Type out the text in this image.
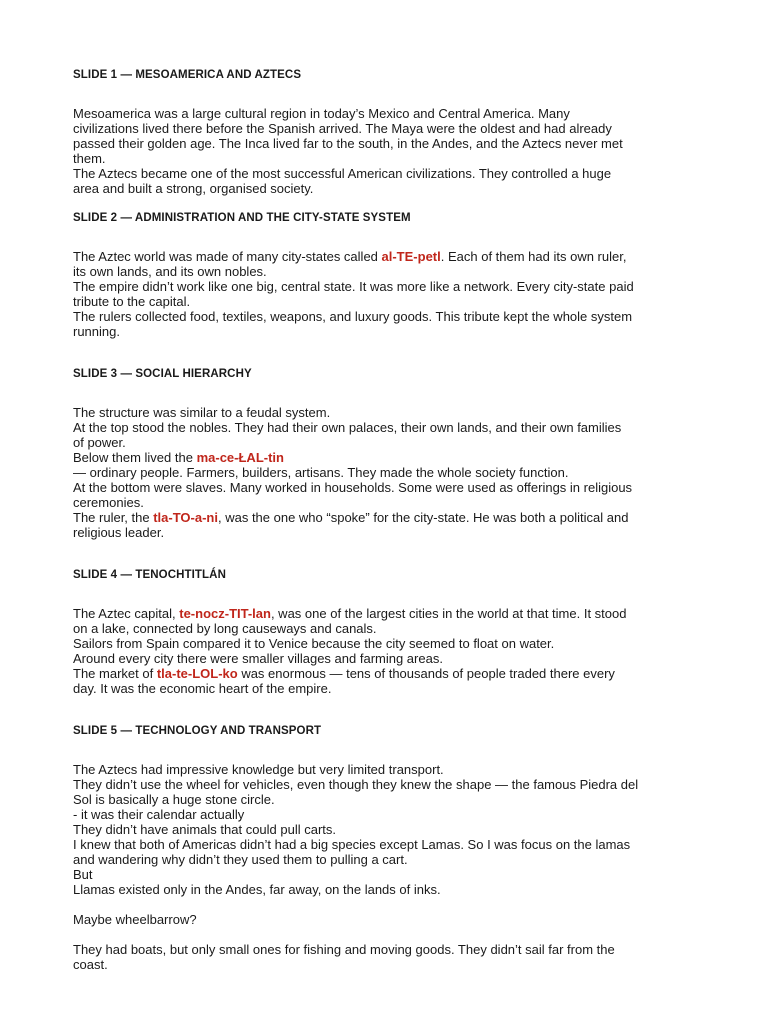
SLIDE 1 — MESOAMERICA AND AZTECS

Mesoamerica was a large cultural region in today’s Mexico and Central America. Many

civilizations lived there before the Spanish arrived. The Maya were the oldest and had already

passed their golden age. The Inca lived far to the south, in the Andes, and the Aztecs never met

them.

The Aztecs became one of the most successful American civilizations. They controlled a huge

area and built a strong, organised society.

SLIDE 2 — ADMINISTRATION AND THE CITY-STATE SYSTEM

The Aztec world was made of many city-states called al-TE-petl. Each of them had its own ruler,

its own lands, and its own nobles.

The empire didn’t work like one big, central state. It was more like a network. Every city-state paid

tribute to the capital.

The rulers collected food, textiles, weapons, and luxury goods. This tribute kept the whole system

running.

SLIDE 3 — SOCIAL HIERARCHY

The structure was similar to a feudal system.

At the top stood the nobles. They had their own palaces, their own lands, and their own families

of power.

Below them lived the ma-ce-ŁAL-tin

— ordinary people. Farmers, builders, artisans. They made the whole society function.

At the bottom were slaves. Many worked in households. Some were used as offerings in religious

ceremonies.

The ruler, the tla-TO-a-ni, was the one who “spoke” for the city-state. He was both a political and

religious leader.

SLIDE 4 — TENOCHTITLÁN

The Aztec capital, te-nocz-TIT-lan, was one of the largest cities in the world at that time. It stood

on a lake, connected by long causeways and canals.

Sailors from Spain compared it to Venice because the city seemed to float on water.

Around every city there were smaller villages and farming areas.

The market of tla-te-LOL-ko was enormous — tens of thousands of people traded there every

day. It was the economic heart of the empire.

SLIDE 5 — TECHNOLOGY AND TRANSPORT

The Aztecs had impressive knowledge but very limited transport.

They didn’t use the wheel for vehicles, even though they knew the shape — the famous Piedra del

Sol is basically a huge stone circle.

- it was their calendar actually

They didn’t have animals that could pull carts.

I knew that both of Americas didn’t had a big species except Lamas. So I was focus on the lamas

and wandering why didn’t they used them to pulling a cart.

But

Llamas existed only in the Andes, far away, on the lands of inks.

Maybe wheelbarrow?

They had boats, but only small ones for fishing and moving goods. They didn’t sail far from the

coast.
